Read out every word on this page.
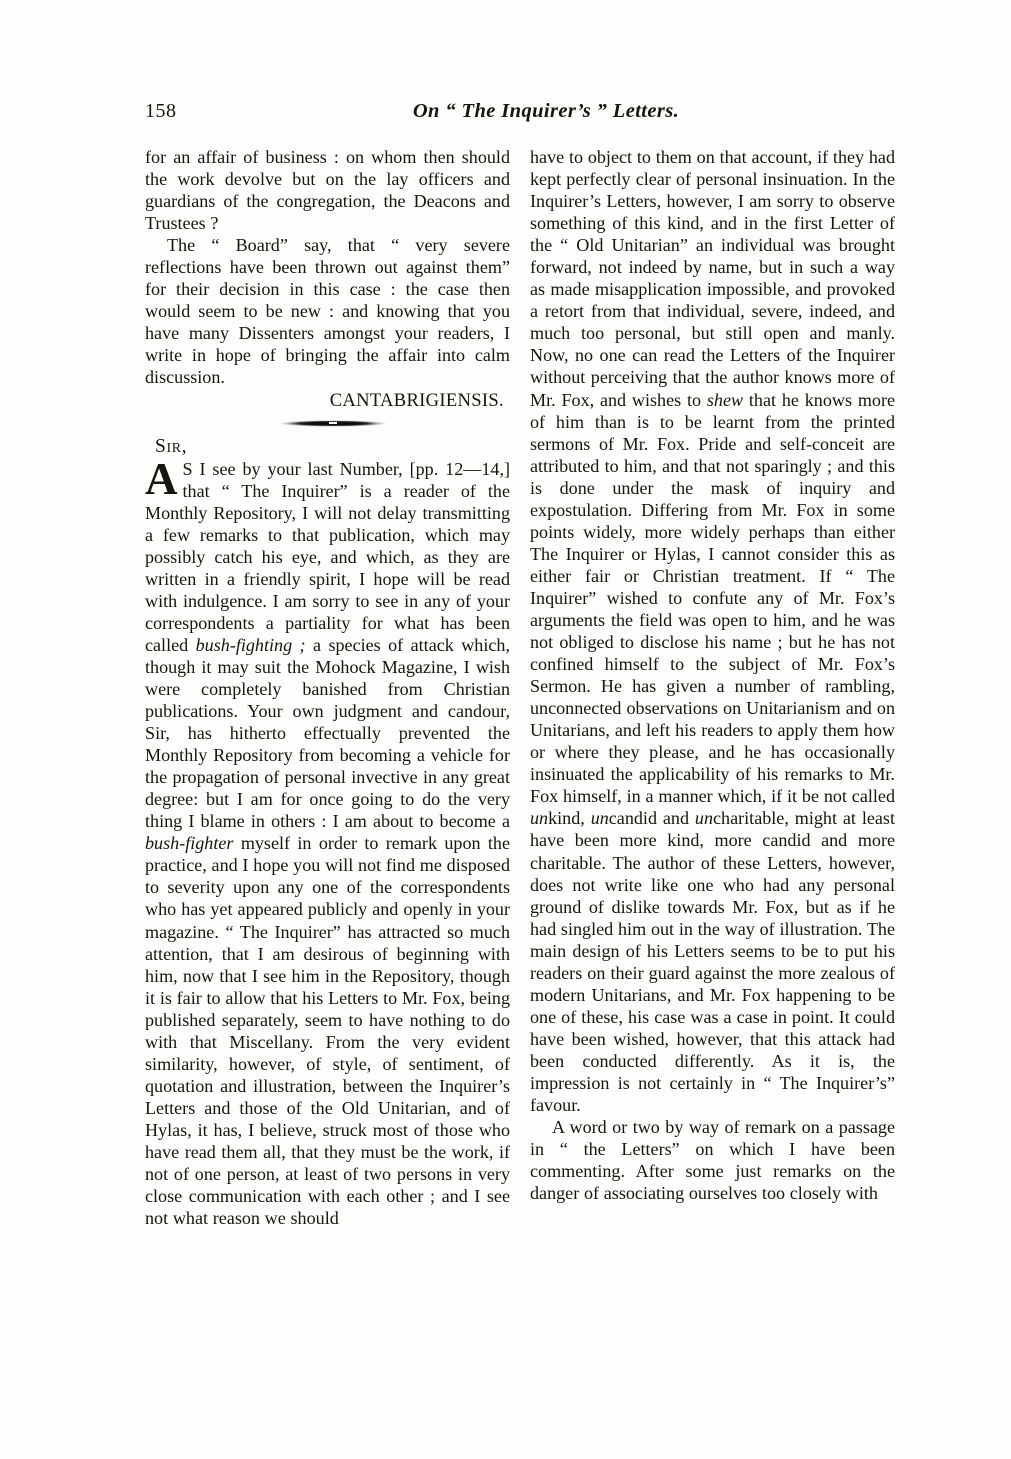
158	On “ The Inquirer’s ” Letters.

for an affair of business : on whom then should the work devolve but on the lay officers and guardians of the congregation, the Deacons and Trustees ?

The “ Board” say, that “ very severe reflections have been thrown out against them” for their decision in this case : the case then would seem to be new : and knowing that you have many Dissenters amongst your readers, I write in hope of bringing the affair into calm discussion.

CANTABRIGIENSIS.

Sir,

A S I see by your last Number, [pp. 12—14,] that “ The Inquirer” is a reader of the Monthly Repository, I will not delay transmitting a few remarks to that publication, which may possibly catch his eye, and which, as they are written in a friendly spirit, I hope will be read with indulgence. I am sorry to see in any of your correspondents a partiality for what has been called bush-fighting ; a species of attack which, though it may suit the Mohock Magazine, I wish were completely banished from Christian publications. Your own judgment and candour, Sir, has hitherto effectually prevented the Monthly Repository from becoming a vehicle for the propagation of personal invective in any great degree: but I am for once going to do the very thing I blame in others : I am about to become a bush-fighter myself in order to remark upon the practice, and I hope you will not find me disposed to severity upon any one of the correspondents who has yet appeared publicly and openly in your magazine. “ The Inquirer” has attracted so much attention, that I am desirous of beginning with him, now that I see him in the Repository, though it is fair to allow that his Letters to Mr. Fox, being published separately, seem to have nothing to do with that Miscellany. From the very evident similarity, however, of style, of sentiment, of quotation and illustration, between the Inquirer’s Letters and those of the Old Unitarian, and of Hylas, it has, I believe, struck most of those who have read them all, that they must be the work, if not of one person, at least of two persons in very close communication with each other ; and I see not what reason we should

have to object to them on that account, if they had kept perfectly clear of personal insinuation. In the Inquirer’s Letters, however, I am sorry to observe something of this kind, and in the first Letter of the “ Old Unitarian” an individual was brought forward, not indeed by name, but in such a way as made misapplication impossible, and provoked a retort from that individual, severe, indeed, and much too personal, but still open and manly. Now, no one can read the Letters of the Inquirer without perceiving that the author knows more of Mr. Fox, and wishes to shew that he knows more of him than is to be learnt from the printed sermons of Mr. Fox. Pride and self-conceit are attributed to him, and that not sparingly ; and this is done under the mask of inquiry and expostulation. Differing from Mr. Fox in some points widely, more widely perhaps than either The Inquirer or Hylas, I cannot consider this as either fair or Christian treatment. If “ The Inquirer” wished to confute any of Mr. Fox’s arguments the field was open to him, and he was not obliged to disclose his name ; but he has not confined himself to the subject of Mr. Fox’s Sermon. He has given a number of rambling, unconnected observations on Unitarianism and on Unitarians, and left his readers to apply them how or where they please, and he has occasionally insinuated the applicability of his remarks to Mr. Fox himself, in a manner which, if it be not called unkind, uncandid and uncharitable, might at least have been more kind, more candid and more charitable. The author of these Letters, however, does not write like one who had any personal ground of dislike towards Mr. Fox, but as if he had singled him out in the way of illustration. The main design of his Letters seems to be to put his readers on their guard against the more zealous of modern Unitarians, and Mr. Fox happening to be one of these, his case was a case in point. It could have been wished, however, that this attack had been conducted differently. As it is, the impression is not certainly in “ The Inquirer’s” favour.

A word or two by way of remark on a passage in “ the Letters” on which I have been commenting. After some just remarks on the danger of associating ourselves too closely with
